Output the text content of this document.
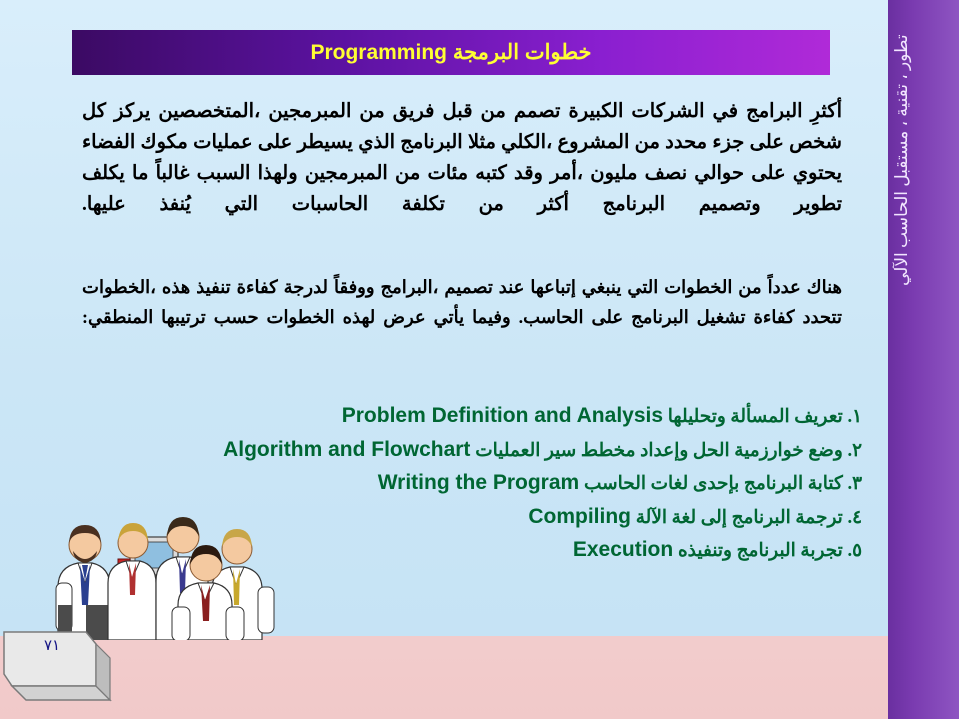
تطور ، تقنية ، مستقبل الحاسب الآلي
خطوات البرمجة Programming
أكثرِ البرامج في الشركات الكبيرة تصمم من قبل فريق من المبرمجين ،المتخصصين يركز كل شخص على جزء محدد من المشروع ،الكلي مثلا البرنامج الذي يسيطر على عمليات مكوك الفضاء يحتوي على حوالي نصف مليون ،أمر وقد كتبه مئات من المبرمجين ولهذا السبب غالباً ما يكلف تطوير وتصميم البرنامج أكثر من تكلفة الحاسبات التي يُنفذ عليها.
هناك عدداً من الخطوات التي ينبغي إتباعها عند تصميم ،البرامج ووفقاً لدرجة كفاءة تنفيذ هذه ،الخطوات تتحدد كفاءة تشغيل البرنامج على الحاسب. وفيما يأتي عرض لهذه الخطوات حسب ترتيبها المنطقي:
١. تعريف المسألة وتحليلها Problem Definition and Analysis
٢. وضع خوارزمية الحل وإعداد مخطط سير العمليات Algorithm and Flowchart
٣. كتابة البرنامج بإحدى لغات الحاسب Writing the Program
٤. ترجمة البرنامج إلى لغة الآلة Compiling
٥. تجربة البرنامج وتنفيذه Execution
٧١
